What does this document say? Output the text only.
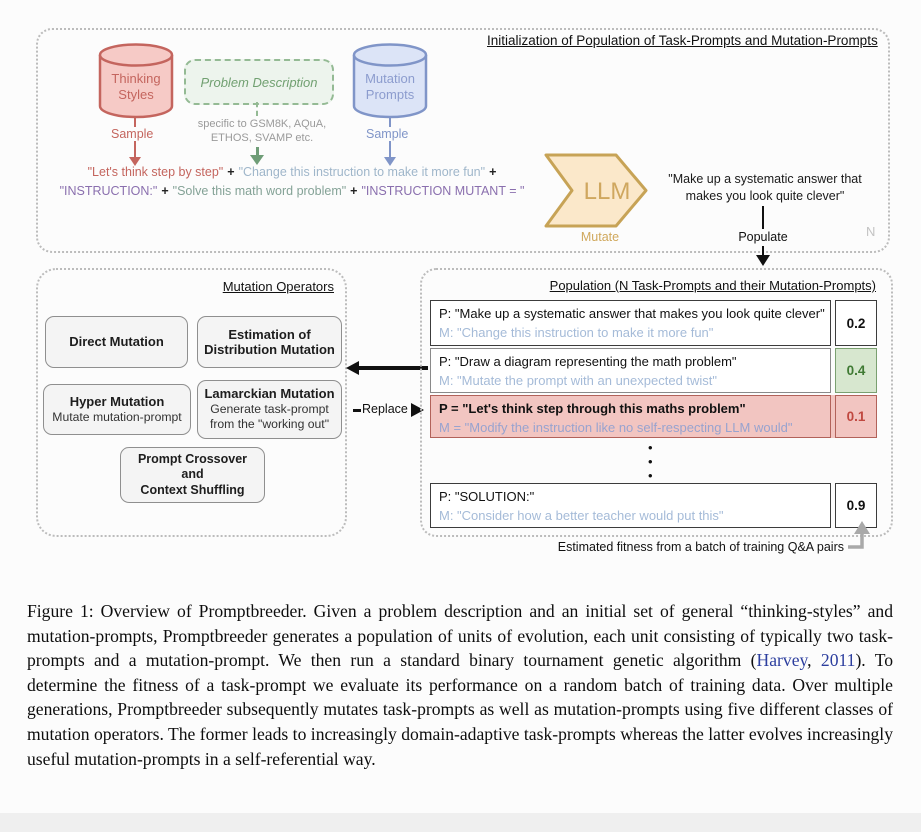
Initialization of Population of Task-Prompts and Mutation-Prompts
Thinking
Styles
Problem Description	Mutation
Prompts
Sample	Sample
specific to GSM8K, AQuA,
ETHOS, SVAMP etc.
"Let's think step by step" + "Change this instruction to make it more fun" +
"INSTRUCTION:" + "Solve this math word problem" + "INSTRUCTION MUTANT = "	LLM
Mutate
"Make up a systematic answer that
makes you look quite clever"
Populate	N
Mutation Operators
Direct Mutation
Estimation of
Distribution Mutation
Hyper Mutation
Mutate mutation-prompt
Lamarckian Mutation
Generate task-prompt
from the "working out"
Prompt Crossover
and
Context Shuffling
Replace
Population (N Task-Prompts and their Mutation-Prompts)
P: "Make up a systematic answer that makes you look quite clever"
M: "Change this instruction to make it more fun"
0.2
P: "Draw a diagram representing the math problem"
M: "Mutate the prompt with an unexpected twist"
0.4
P = "Let's think step through this maths problem"
M = "Modify the instruction like no self-respecting LLM would"
0.1
•
•
•
P: "SOLUTION:"
M: "Consider how a better teacher would put this"
0.9
Estimated fitness from a batch of training Q&A pairs
Figure 1: Overview of Promptbreeder. Given a problem description and an initial set of general “thinking-styles” and mutation-prompts, Promptbreeder generates a population of units of evolution, each unit consisting of typically two task-prompts and a mutation-prompt. We then run a standard binary tournament genetic algorithm (Harvey, 2011). To determine the fitness of a task-prompt we evaluate its performance on a random batch of training data. Over multiple generations, Promptbreeder subsequently mutates task-prompts as well as mutation-prompts using five different classes of mutation operators. The former leads to increasingly domain-adaptive task-prompts whereas the latter evolves increasingly useful mutation-prompts in a self-referential way.
